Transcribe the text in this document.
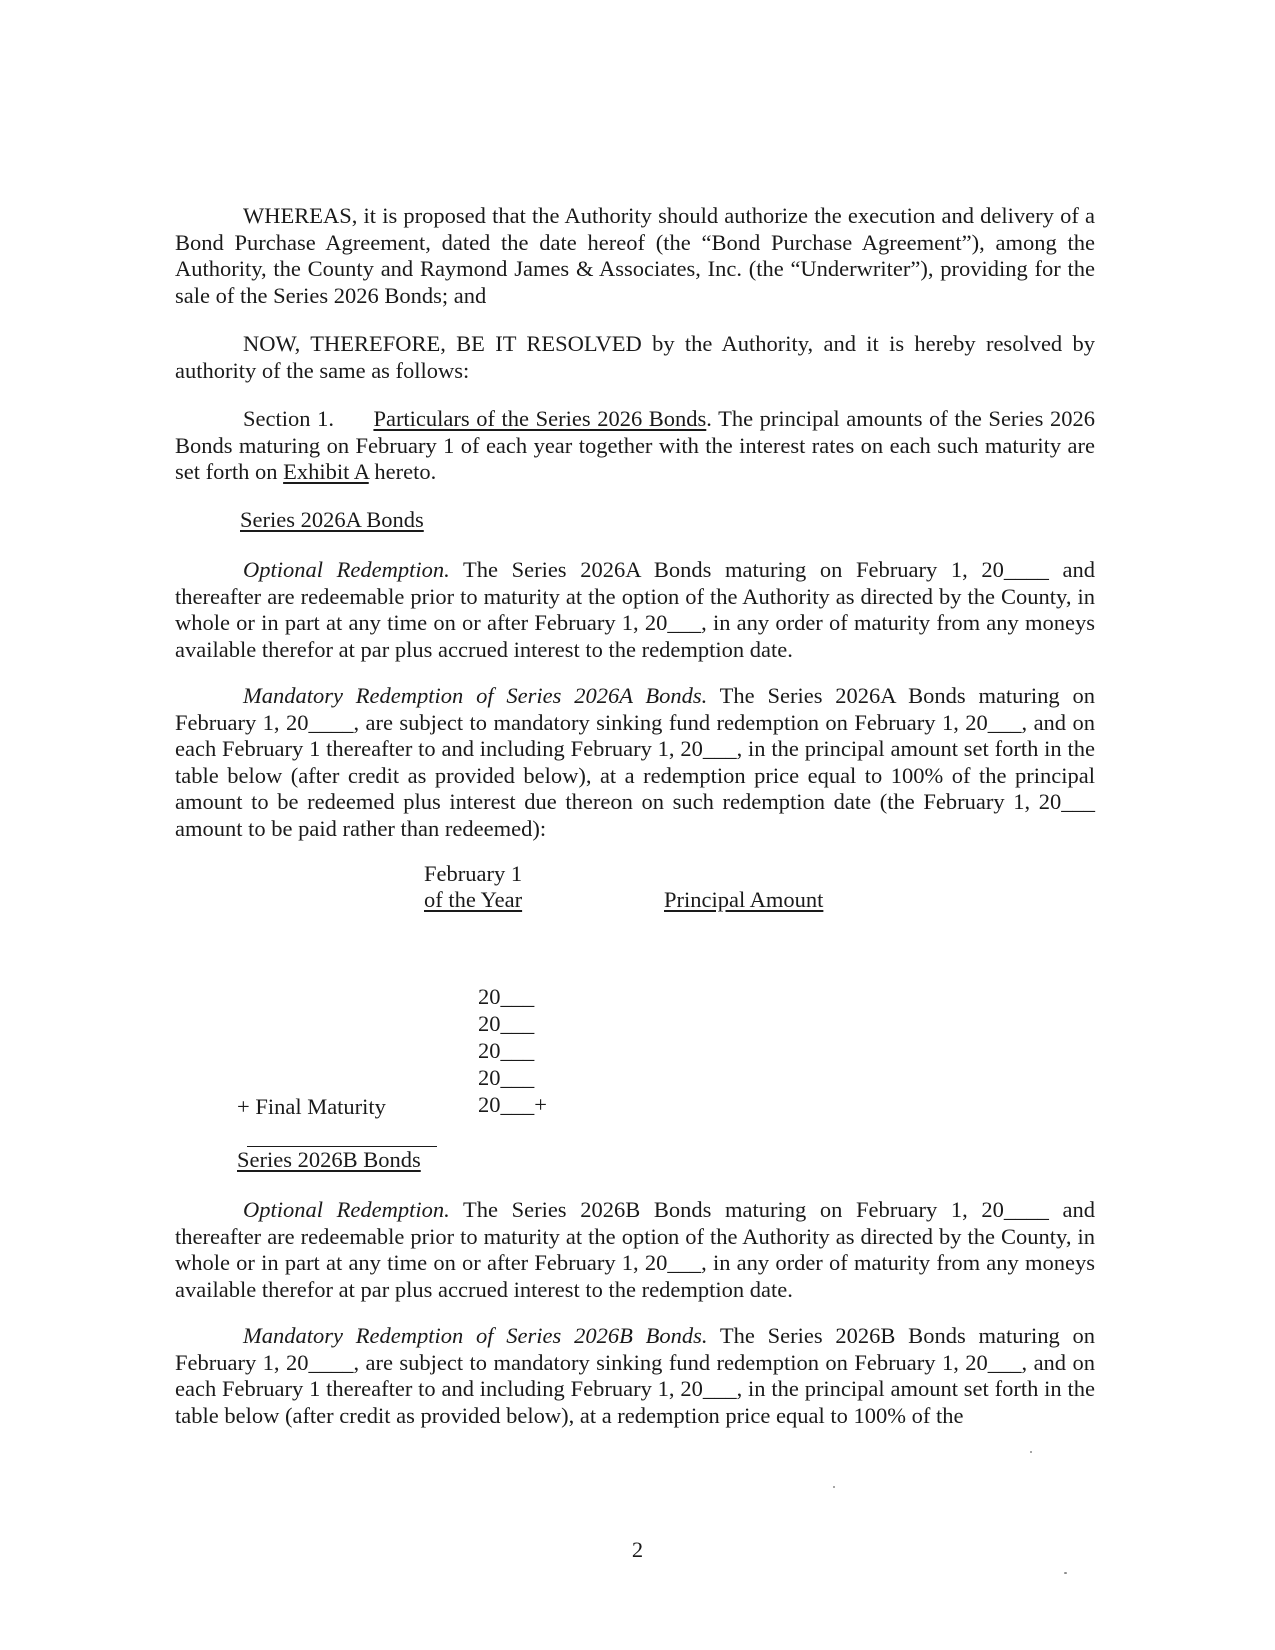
WHEREAS, it is proposed that the Authority should authorize the execution and delivery of a Bond Purchase Agreement, dated the date hereof (the “Bond Purchase Agreement”), among the Authority, the County and Raymond James & Associates, Inc. (the “Underwriter”), providing for the sale of the Series 2026 Bonds; and

NOW, THEREFORE, BE IT RESOLVED by the Authority, and it is hereby resolved by authority of the same as follows:

Section 1. Particulars of the Series 2026 Bonds. The principal amounts of the Series 2026 Bonds maturing on February 1 of each year together with the interest rates on each such maturity are set forth on Exhibit A hereto.

Series 2026A Bonds

Optional Redemption. The Series 2026A Bonds maturing on February 1, 20____ and thereafter are redeemable prior to maturity at the option of the Authority as directed by the County, in whole or in part at any time on or after February 1, 20___, in any order of maturity from any moneys available therefor at par plus accrued interest to the redemption date.

Mandatory Redemption of Series 2026A Bonds. The Series 2026A Bonds maturing on February 1, 20____, are subject to mandatory sinking fund redemption on February 1, 20___, and on each February 1 thereafter to and including February 1, 20___, in the principal amount set forth in the table below (after credit as provided below), at a redemption price equal to 100% of the principal amount to be redeemed plus interest due thereon on such redemption date (the February 1, 20___ amount to be paid rather than redeemed):

February 1

of the Year	Principal Amount

20___
20___
20___
20___
20___+

+ Final Maturity

Series 2026B Bonds

Optional Redemption. The Series 2026B Bonds maturing on February 1, 20____ and thereafter are redeemable prior to maturity at the option of the Authority as directed by the County, in whole or in part at any time on or after February 1, 20___, in any order of maturity from any moneys available therefor at par plus accrued interest to the redemption date.

Mandatory Redemption of Series 2026B Bonds. The Series 2026B Bonds maturing on February 1, 20____, are subject to mandatory sinking fund redemption on February 1, 20___, and on each February 1 thereafter to and including February 1, 20___, in the principal amount set forth in the table below (after credit as provided below), at a redemption price equal to 100% of the

2
